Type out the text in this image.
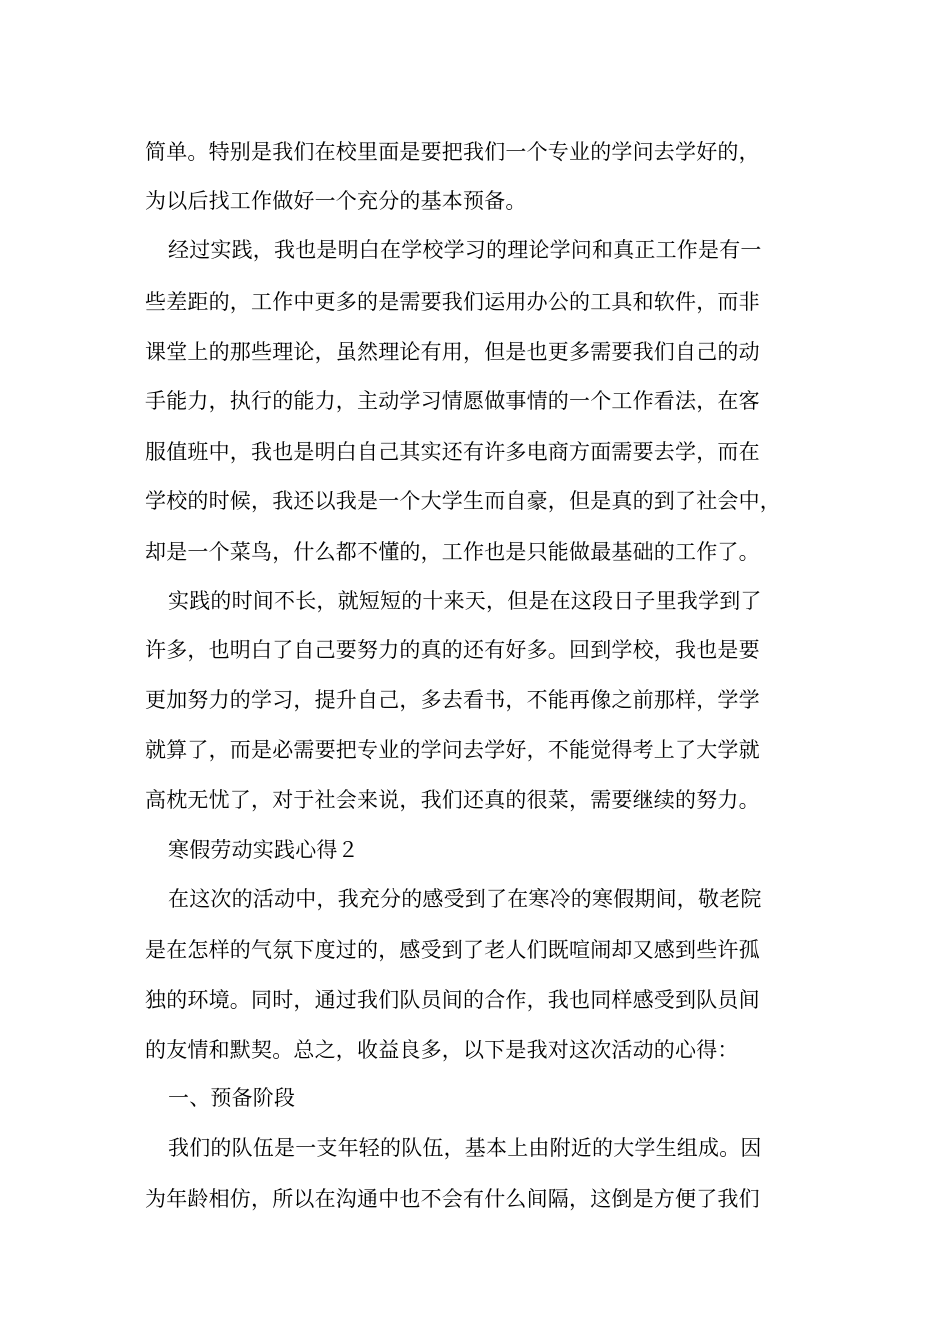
简单。特别是我们在校里面是要把我们一个专业的学问去学好的，

为以后找工作做好一个充分的基本预备。

经过实践，我也是明白在学校学习的理论学问和真正工作是有一

些差距的，工作中更多的是需要我们运用办公的工具和软件，而非

课堂上的那些理论，虽然理论有用，但是也更多需要我们自己的动

手能力，执行的能力，主动学习情愿做事情的一个工作看法，在客

服值班中，我也是明白自己其实还有许多电商方面需要去学，而在

学校的时候，我还以我是一个大学生而自豪，但是真的到了社会中，

却是一个菜鸟，什么都不懂的，工作也是只能做最基础的工作了。

实践的时间不长，就短短的十来天，但是在这段日子里我学到了

许多，也明白了自己要努力的真的还有好多。回到学校，我也是要

更加努力的学习，提升自己，多去看书，不能再像之前那样，学学

就算了，而是必需要把专业的学问去学好，不能觉得考上了大学就

高枕无忧了，对于社会来说，我们还真的很菜，需要继续的努力。

寒假劳动实践心得２

在这次的活动中，我充分的感受到了在寒冷的寒假期间，敬老院

是在怎样的气氛下度过的，感受到了老人们既喧闹却又感到些许孤

独的环境。同时，通过我们队员间的合作，我也同样感受到队员间

的友情和默契。总之，收益良多，以下是我对这次活动的心得：

一、预备阶段

我们的队伍是一支年轻的队伍，基本上由附近的大学生组成。因

为年龄相仿，所以在沟通中也不会有什么间隔，这倒是方便了我们
